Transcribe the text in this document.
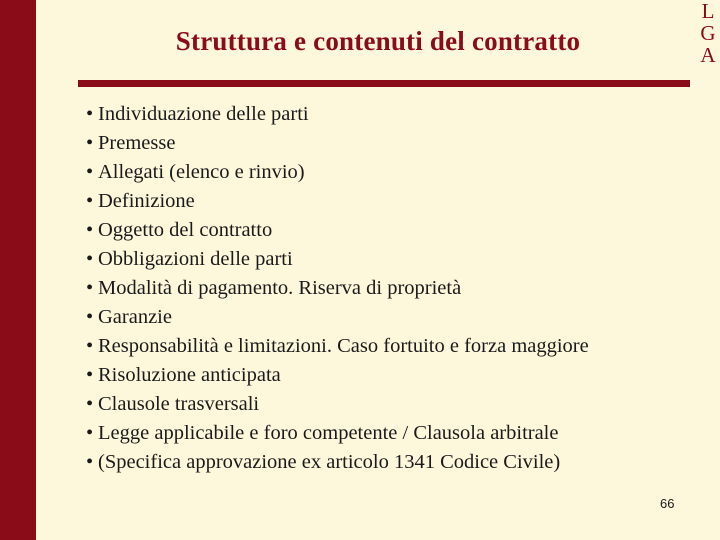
L
G
A
Struttura e contenuti del contratto
• Individuazione delle parti
• Premesse
• Allegati (elenco e rinvio)
• Definizione
• Oggetto del contratto
• Obbligazioni delle parti
• Modalità di pagamento. Riserva di proprietà
• Garanzie
• Responsabilità e limitazioni. Caso fortuito e forza maggiore
• Risoluzione anticipata
• Clausole trasversali
• Legge applicabile e foro competente / Clausola arbitrale
• (Specifica approvazione ex articolo 1341 Codice Civile)
66
